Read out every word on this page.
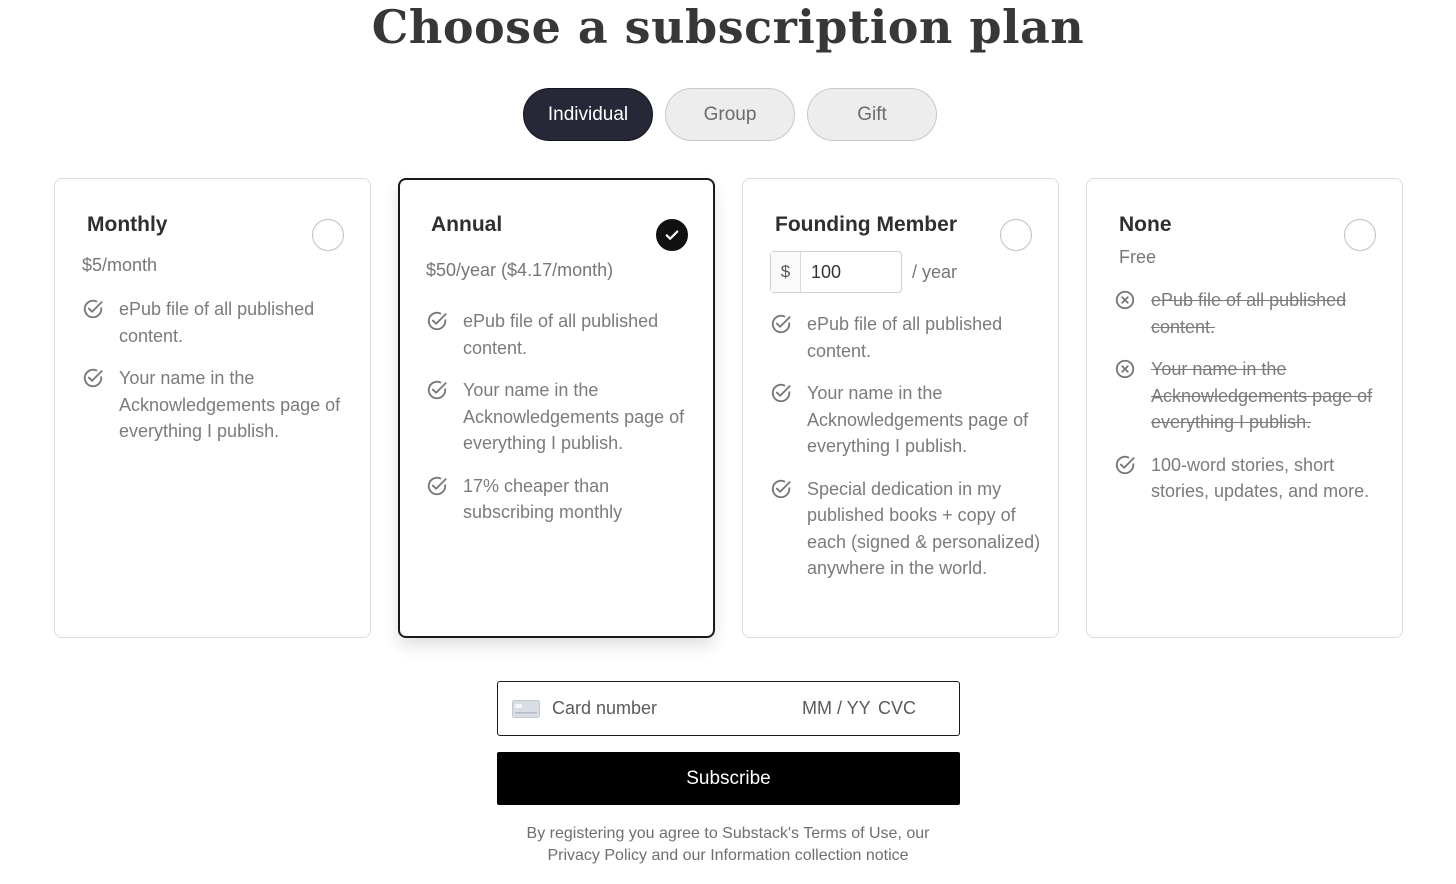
Choose a subscription plan
Individual	Group	Gift
Monthly
$5/month
ePub file of all published content.
Your name in the Acknowledgements page of everything I publish.
Annual
$50/year ($4.17/month)
ePub file of all published content.
Your name in the Acknowledgements page of everything I publish.
17% cheaper than subscribing monthly
Founding Member
$
100	/ year
ePub file of all published content.
Your name in the Acknowledgements page of everything I publish.
Special dedication in my published books + copy of each (signed & personalized) anywhere in the world.
None
Free
ePub file of all published content.
Your name in the Acknowledgements page of everything I publish.
100-word stories, short stories, updates, and more.
Card number
MM / YY
CVC
Subscribe
By registering you agree to Substack's Terms of Use, our
Privacy Policy and our Information collection notice
